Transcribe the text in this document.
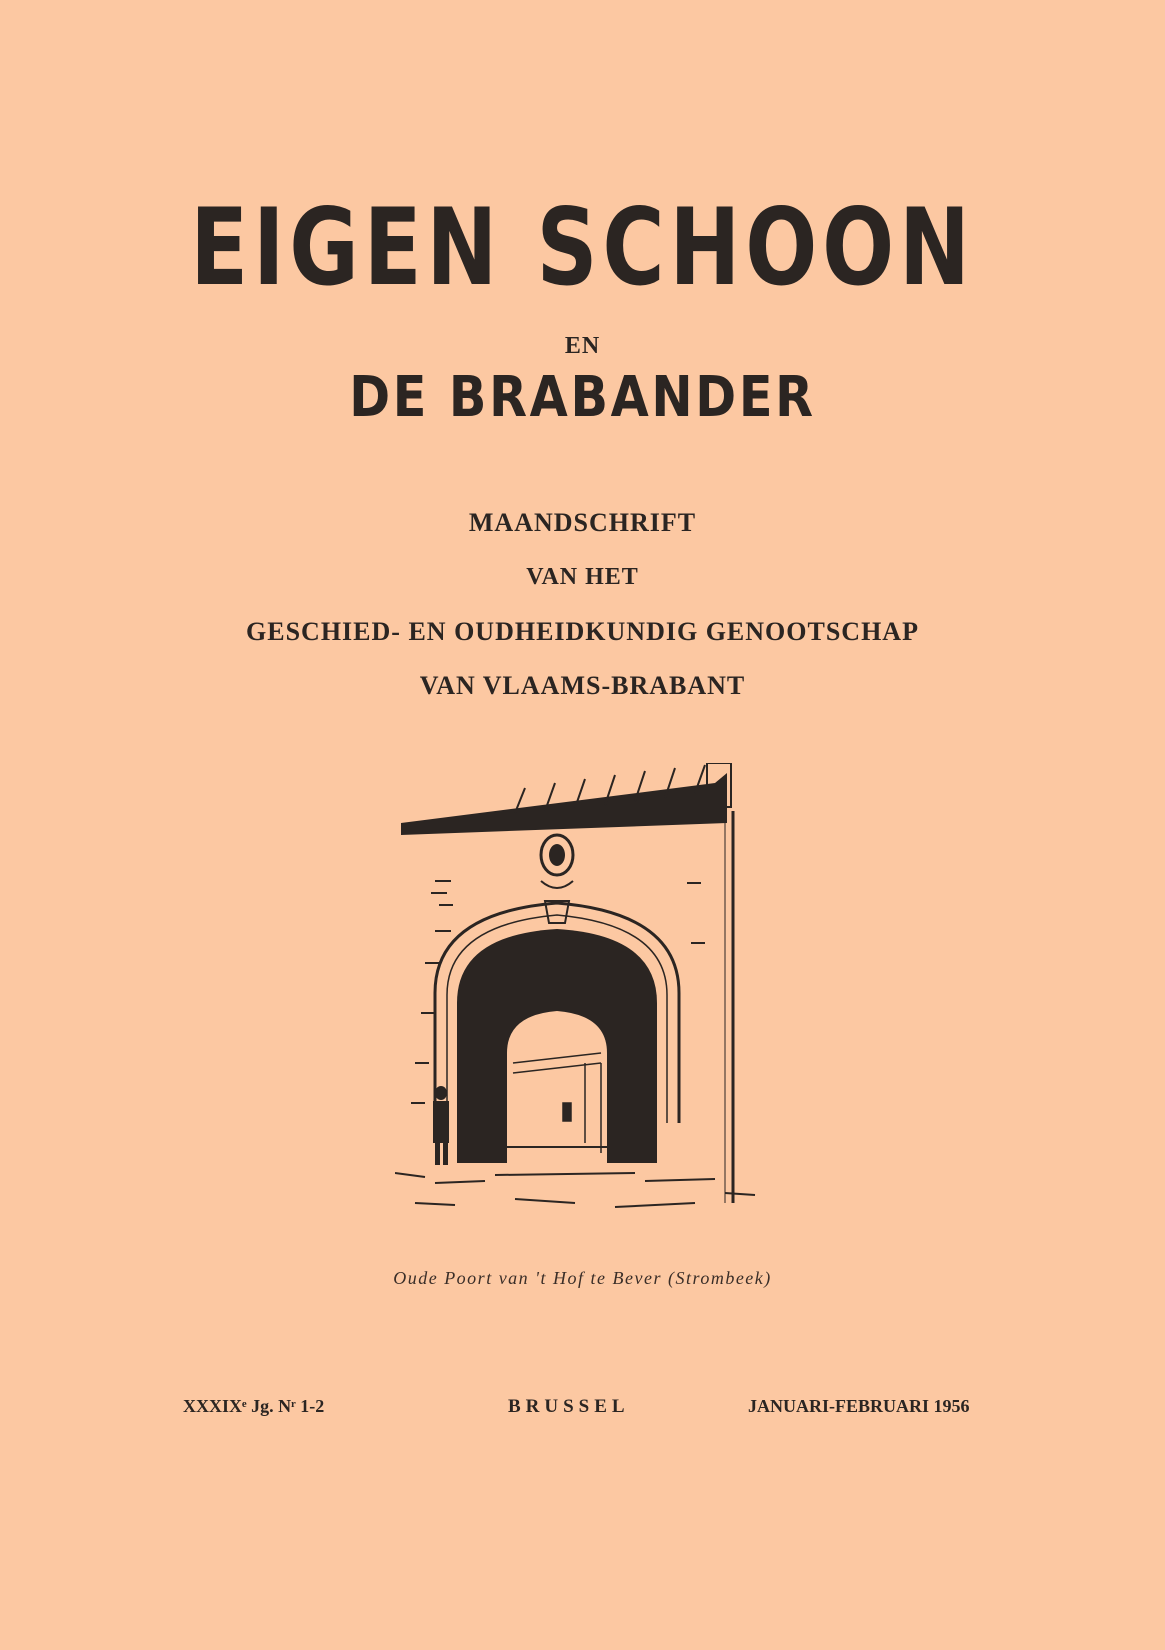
EIGEN SCHOON
EN
DE BRABANDER
MAANDSCHRIFT
VAN HET
GESCHIED- EN OUDHEIDKUNDIG GENOOTSCHAP
VAN VLAAMS-BRABANT

Oude Poort van 't Hof te Bever (Strombeek)

XXXIXᵉ Jg. Nʳ 1-2	BRUSSEL	JANUARI-FEBRUARI 1956
